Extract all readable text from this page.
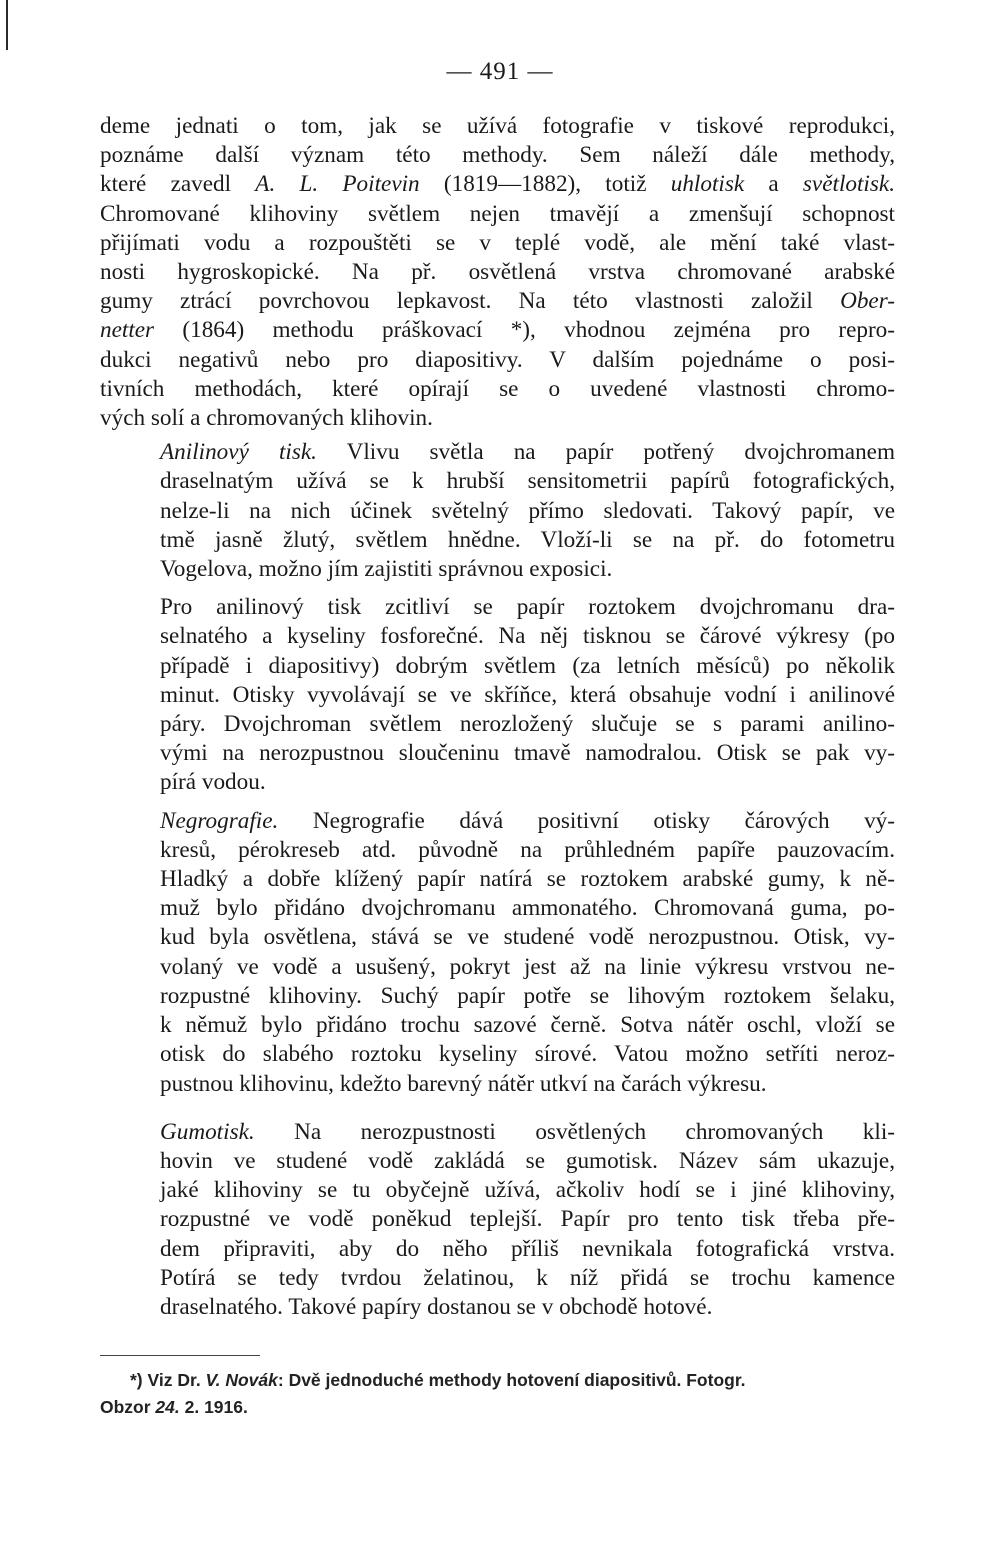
— 491 —

deme jednati o tom, jak se užívá fotografie v tiskové reprodukci,
poznáme další význam této methody. Sem náleží dále methody,
které zavedl A. L. Poitevin (1819—1882), totiž uhlotisk a světlotisk.
Chromované klihoviny světlem nejen tmavějí a zmenšují schopnost
přijímati vodu a rozpouštěti se v teplé vodě, ale mění také vlast-
nosti hygroskopické. Na př. osvětlená vrstva chromované arabské
gumy ztrácí povrchovou lepkavost. Na této vlastnosti založil Ober-
netter (1864) methodu práškovací *), vhodnou zejména pro repro-
dukci negativů nebo pro diapositivy. V dalším pojednáme o posi-
tivních methodách, které opírají se o uvedené vlastnosti chromo-
vých solí a chromovaných klihovin.

Anilinový tisk. Vlivu světla na papír potřený dvojchromanem
draselnatým užívá se k hrubší sensitometrii papírů fotografických,
nelze-li na nich účinek světelný přímo sledovati. Takový papír, ve
tmě jasně žlutý, světlem hnědne. Vloží-li se na př. do fotometru
Vogelova, možno jím zajistiti správnou exposici.

Pro anilinový tisk zcitliví se papír roztokem dvojchromanu dra-
selnatého a kyseliny fosforečné. Na něj tisknou se čárové výkresy (po
případě i diapositivy) dobrým světlem (za letních měsíců) po několik
minut. Otisky vyvolávají se ve skříňce, která obsahuje vodní i anilinové
páry. Dvojchroman světlem nerozložený slučuje se s parami anilino-
vými na nerozpustnou sloučeninu tmavě namodralou. Otisk se pak vy-
pírá vodou.

Negrografie. Negrografie dává positivní otisky čárových vý-
kresů, pérokreseb atd. původně na průhledném papíře pauzovacím.
Hladký a dobře klížený papír natírá se roztokem arabské gumy, k ně-
muž bylo přidáno dvojchromanu ammonatého. Chromovaná guma, po-
kud byla osvětlena, stává se ve studené vodě nerozpustnou. Otisk, vy-
volaný ve vodě a usušený, pokryt jest až na linie výkresu vrstvou ne-
rozpustné klihoviny. Suchý papír potře se lihovým roztokem šelaku,
k němuž bylo přidáno trochu sazové černě. Sotva nátěr oschl, vloží se
otisk do slabého roztoku kyseliny sírové. Vatou možno setříti neroz-
pustnou klihovinu, kdežto barevný nátěr utkví na čarách výkresu.

Gumotisk. Na nerozpustnosti osvětlených chromovaných kli-
hovin ve studené vodě zakládá se gumotisk. Název sám ukazuje,
jaké klihoviny se tu obyčejně užívá, ačkoliv hodí se i jiné klihoviny,
rozpustné ve vodě poněkud teplejší. Papír pro tento tisk třeba pře-
dem připraviti, aby do něho příliš nevnikala fotografická vrstva.
Potírá se tedy tvrdou želatinou, k níž přidá se trochu kamence
draselnatého. Takové papíry dostanou se v obchodě hotové.

*) Viz Dr. V. Novák: Dvě jednoduché methody hotovení diapositivů. Fotogr.
Obzor 24. 2. 1916.
